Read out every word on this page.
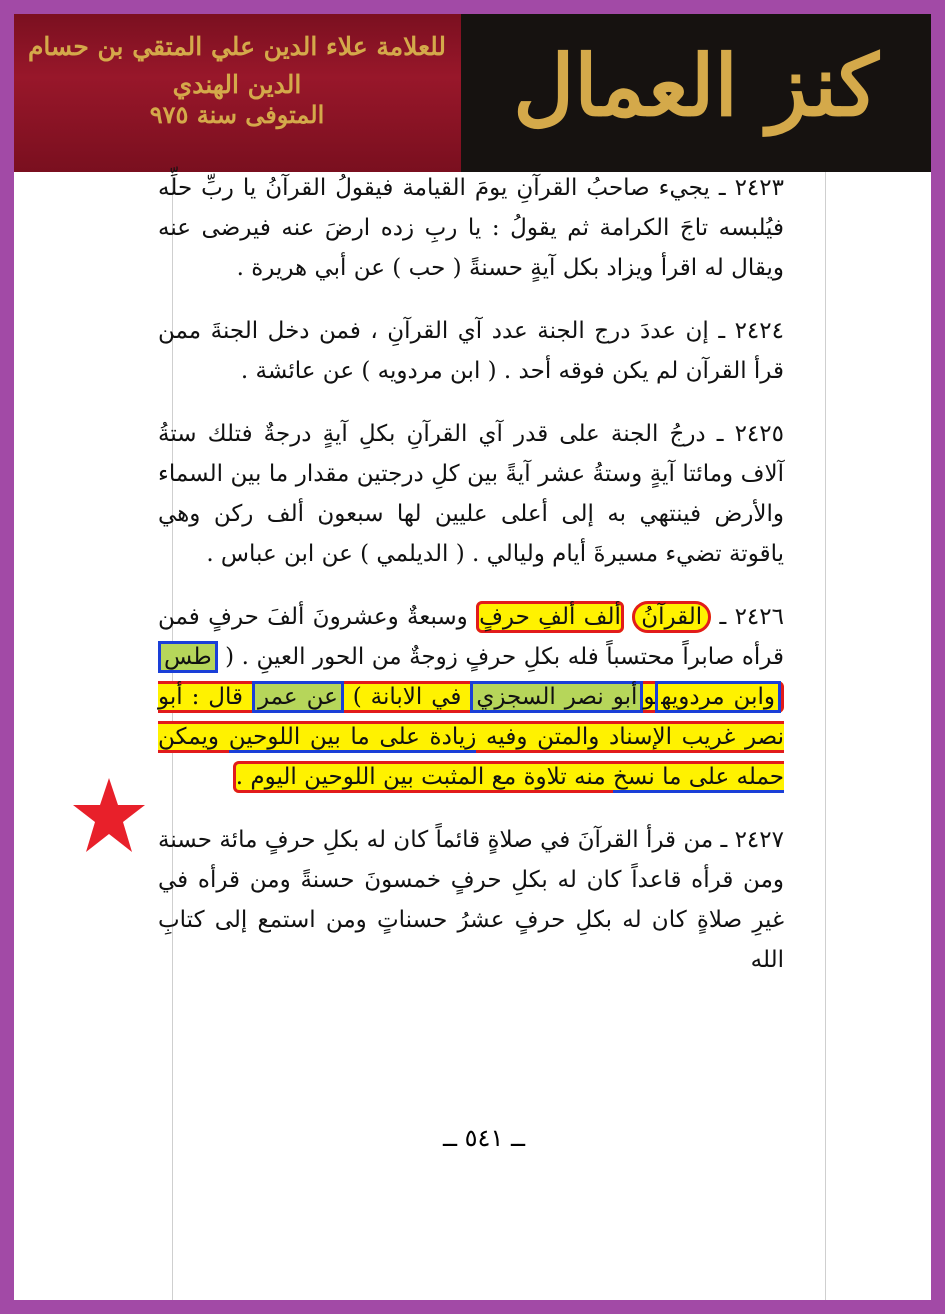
للعلامة علاء الدين علي المتقي بن حسام الدين الهندي
المتوفى سنة ٩٧٥	كنز العمال

٢٤٢٣ ـ يجيء صاحبُ القرآنِ يومَ القيامة فيقولُ القرآنُ يا ربِّ حلِّه فيُلبسه تاجَ الكرامة ثم يقولُ : يا ربِ زده ارضَ عنه فيرضى عنه ويقال له اقرأ ويزاد بكل آيةٍ حسنةً ( حب ) عن أبي هريرة .

٢٤٢٤ ـ إن عددَ درج الجنة عدد آي القرآنِ ، فمن دخل الجنةَ ممن قرأ القرآن لم يكن فوقه أحد . ( ابن مردويه ) عن عائشة .

٢٤٢٥ ـ درجُ الجنة على قدر آي القرآنِ بكلِ آيةٍ درجةٌ فتلك ستةُ آلاف ومائتا آيةٍ وستةُ عشر آيةً بين كلِ درجتين مقدار ما بين السماء والأرض فينتهي به إلى أعلى عليين لها سبعون ألف ركن وهي ياقوتة تضيء مسيرةَ أيام وليالي . ( الديلمي ) عن ابن عباس .

٢٤٢٦ ـ القرآنُ ألف ألفِ حرفٍ وسبعةٌ وعشرونَ ألفَ حرفٍ فمن قرأه صابراً محتسباً فله بكلِ حرفٍ زوجةٌ من الحور العينِ . ( طس وابن مردويهوأبو نصر السجزي في الابانة ) عن عمر قال : أبو نصر غريب الإسناد والمتن وفيه زيادة على ما بين اللوحين ويمكن حمله على ما نسخ منه تلاوة مع المثبت بين اللوحين اليوم .

٢٤٢٧ ـ من قرأ القرآنَ في صلاةٍ قائماً كان له بكلِ حرفٍ مائة حسنة ومن قرأه قاعداً كان له بكلِ حرفٍ خمسونَ حسنةً ومن قرأه في غيرِ صلاةٍ كان له بكلِ حرفٍ عشرُ حسناتٍ ومن استمع إلى كتابِ الله

ــ ٥٤١ ــ
